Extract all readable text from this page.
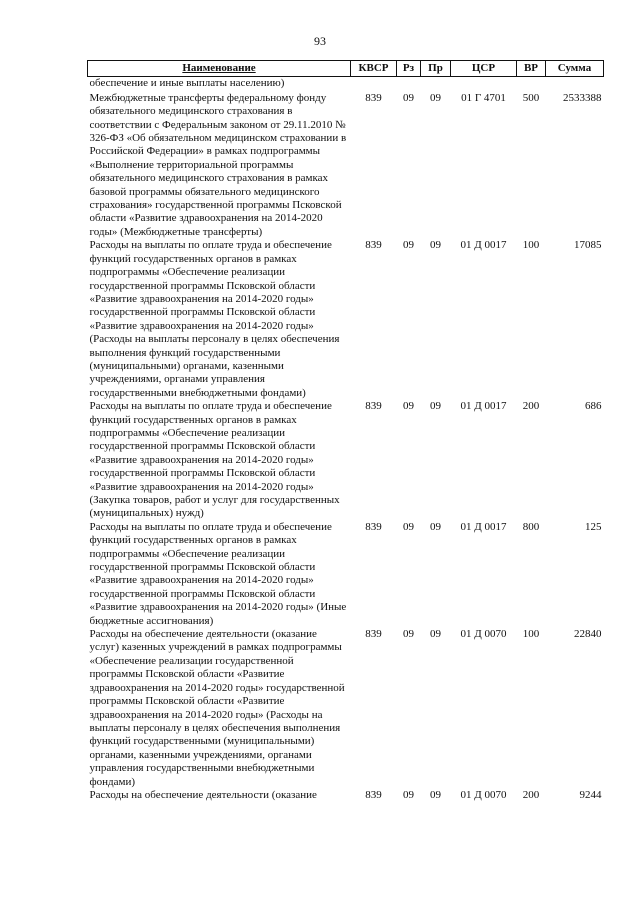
93
Наименование	КВСР	Рз	Пр	ЦСР	ВР	Сумма
обеспечение и иные выплаты населению)						
Межбюджетные трансферты федеральному фонду обязательного медицинского страхования в соответствии с Федеральным законом от 29.11.2010 № 326-ФЗ «Об обязательном медицинском страховании в Российской Федерации» в рамках подпрограммы «Выполнение территориальной программы обязательного медицинского страхования в рамках базовой программы обязательного медицинского страхования» государственной программы Псковской области «Развитие здравоохранения на 2014-2020 годы» (Межбюджетные трансферты)	839	09	09	01 Г 4701	500	2533388
Расходы на выплаты по оплате труда и обеспечение функций государственных органов в рамках подпрограммы «Обеспечение реализации государственной программы Псковской области «Развитие здравоохранения на 2014-2020 годы» государственной программы Псковской области «Развитие здравоохранения на 2014-2020 годы» (Расходы на выплаты персоналу в целях обеспечения выполнения функций государственными (муниципальными) органами, казенными учреждениями, органами управления государственными внебюджетными фондами)	839	09	09	01 Д 0017	100	17085
Расходы на выплаты по оплате труда и обеспечение функций государственных органов в рамках подпрограммы «Обеспечение реализации государственной программы Псковской области «Развитие здравоохранения на 2014-2020 годы» государственной программы Псковской области «Развитие здравоохранения на 2014-2020 годы» (Закупка товаров, работ и услуг для государственных (муниципальных) нужд)	839	09	09	01 Д 0017	200	686
Расходы на выплаты по оплате труда и обеспечение функций государственных органов в рамках подпрограммы «Обеспечение реализации государственной программы Псковской области «Развитие здравоохранения на 2014-2020 годы» государственной программы Псковской области «Развитие здравоохранения на 2014-2020 годы» (Иные бюджетные ассигнования)	839	09	09	01 Д 0017	800	125
Расходы на обеспечение деятельности (оказание услуг) казенных учреждений в рамках подпрограммы «Обеспечение реализации государственной программы Псковской области «Развитие здравоохранения на 2014-2020 годы» государственной программы Псковской области «Развитие здравоохранения на 2014-2020 годы» (Расходы на выплаты персоналу в целях обеспечения выполнения функций государственными (муниципальными) органами, казенными учреждениями, органами управления государственными внебюджетными фондами)	839	09	09	01 Д 0070	100	22840
Расходы на обеспечение деятельности (оказание	839	09	09	01 Д 0070	200	9244
